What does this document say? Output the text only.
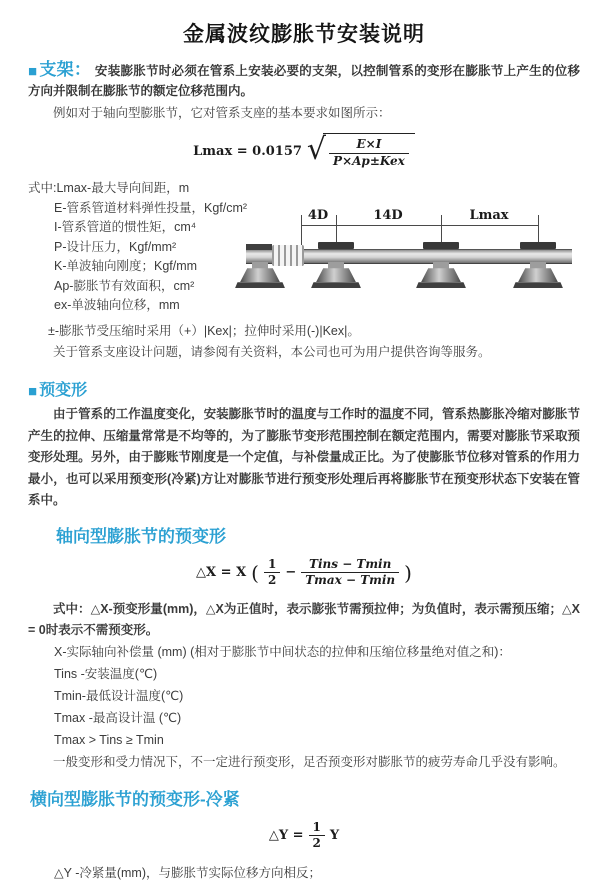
金属波纹膨胀节安装说明

■ 支架： 安装膨胀节时必须在管系上安装必要的支架，以控制管系的变形在膨胀节上产生的位移方向并限制在膨胀节的额定位移范围内。

例如对于轴向型膨胀节，它对管系支座的基本要求如图所示：

Lmax = 0.0157 √ $\frac{E\times I}{\text{P×Ap±Kex}}$
式中:Lmax-最大导向间距，m
E-管系管道材料弹性投量，Kgf/cm²
I-管系管道的惯性矩，cm⁴
P-设计压力，Kgf/mm²
K-单波轴向刚度；Kgf/mm
Ap-膨胀节有效面积，cm²
ex-单波轴向位移，mm
4D	14D	Lmax

±-膨胀节受压缩时采用（+）|Kex|；拉伸时采用(-)|Kex|。

关于管系支座设计问题，请参阅有关资料，本公司也可为用户提供咨询等服务。

■ 预变形

由于管系的工作温度变化，安装膨胀节时的温度与工作时的温度不同，管系热膨胀冷缩对膨胀节产生的拉伸、压缩量常常是不均等的，为了膨胀节变形范围控制在额定范围内，需要对膨胀节采取预变形处理。另外，由于膨账节刚度是一个定值，与补偿量成正比。为了使膨胀节位移对管系的作用力最小，也可以采用预变形(冷紧)方让对膨胀节进行预变形处理后再将膨胀节在预变形状态下安装在管系中。

轴向型膨胀节的预变形
△X = X ( $\frac{1}{2} - \frac{\text{Tins − Tmin}}{Tmax - Tmin}$ )

式中：△X-预变形量(mm)，△X为正值时，表示膨张节需预拉伸；为负值时，表示需预压缩；△X = 0时表示不需预变形。

X-实际轴向补偿量 (mm) (相对于膨胀节中间状态的拉伸和压缩位移量绝对值之和)：
Tins -安装温度(℃)
Tmin-最低设计温度(℃)
Tmax -最高设计温 (℃)
Tmax > Tins ≥ Tmin

一般变形和受力情况下，不一定进行预变形，足否预变形对膨胀节的疲劳寿命几乎没有影响。

横向型膨胀节的预变形-冷紧
△Y = $\frac{1}{2}$ Y

△Y -冷紧量(mm)，与膨胀节实际位移方向相反；
